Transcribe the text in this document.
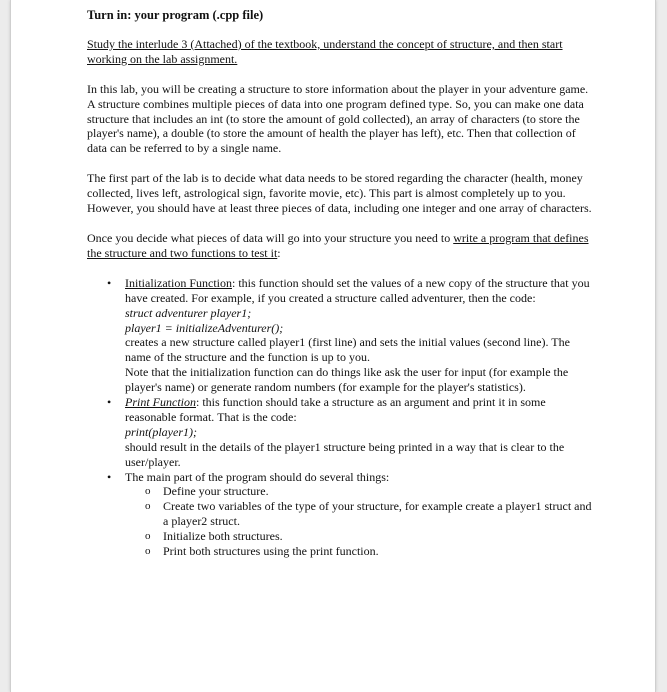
Turn in: your program (.cpp file)

Study the interlude 3 (Attached) of the textbook, understand the concept of structure, and then start working on the lab assignment.

In this lab, you will be creating a structure to store information about the player in your adventure game. A structure combines multiple pieces of data into one program defined type. So, you can make one data structure that includes an int (to store the amount of gold collected), an array of characters (to store the player's name), a double (to store the amount of health the player has left), etc. Then that collection of data can be referred to by a single name.

The first part of the lab is to decide what data needs to be stored regarding the character (health, money collected, lives left, astrological sign, favorite movie, etc). This part is almost completely up to you. However, you should have at least three pieces of data, including one integer and one array of characters.

Once you decide what pieces of data will go into your structure you need to write a program that defines the structure and two functions to test it:

• Initialization Function: this function should set the values of a new copy of the structure that you have created. For example, if you created a structure called adventurer, then the code:
struct adventurer player1;
player1 = initializeAdventurer();
creates a new structure called player1 (first line) and sets the initial values (second line). The name of the structure and the function is up to you.
Note that the initialization function can do things like ask the user for input (for example the player's name) or generate random numbers (for example for the player's statistics).
• Print Function: this function should take a structure as an argument and print it in some reasonable format. That is the code:
print(player1);
should result in the details of the player1 structure being printed in a way that is clear to the user/player.
• The main part of the program should do several things:
o Define your structure.
o Create two variables of the type of your structure, for example create a player1 struct and a player2 struct.
o Initialize both structures.
o Print both structures using the print function.
